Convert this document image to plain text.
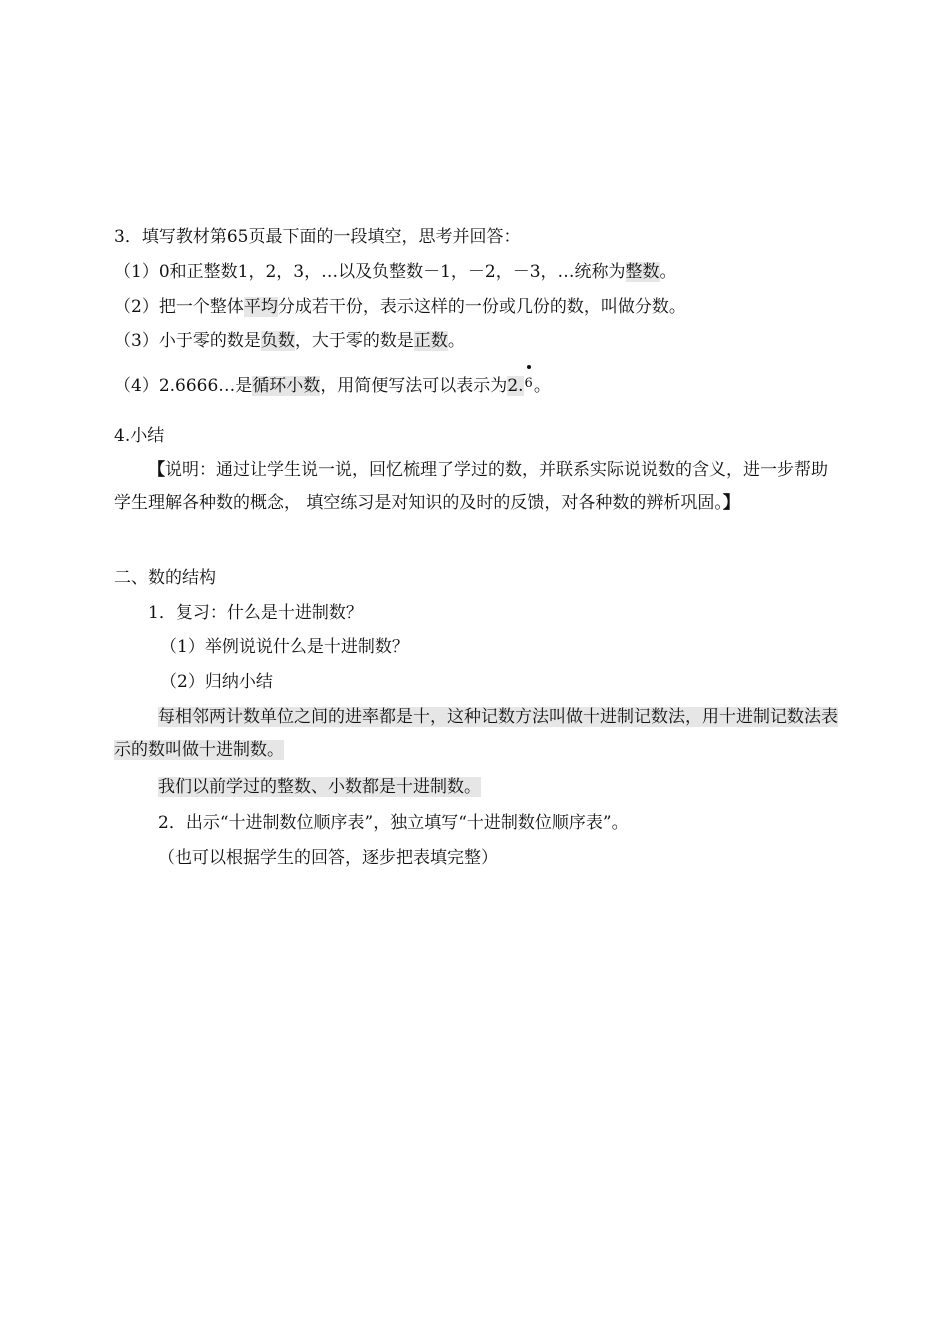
3．填写教材第65页最下面的一段填空，思考并回答：
（1）0和正整数1，2，3，…以及负整数－1，－2，－3，…统称为整数。
（2）把一个整体平均分成若干份，表示这样的一份或几份的数，叫做分数。
（3）小于零的数是负数，大于零的数是正数。
（4）2.6666…是循环小数，用简便写法可以表示为2.
6。
4.小结
【说明：通过让学生说一说，回忆梳理了学过的数，并联系实际说说数的含义，进一步帮助学生理解各种数的概念， 填空练习是对知识的及时的反馈，对各种数的辨析巩固。】
二、数的结构
1．复习：什么是十进制数？
（1）举例说说什么是十进制数？
（2）归纳小结
每相邻两计数单位之间的进率都是十，这种记数方法叫做十进制记数法，用十进制记数法表示的数叫做十进制数。
我们以前学过的整数、小数都是十进制数。
2．出示“十进制数位顺序表”，独立填写“十进制数位顺序表”。
（也可以根据学生的回答，逐步把表填完整）
